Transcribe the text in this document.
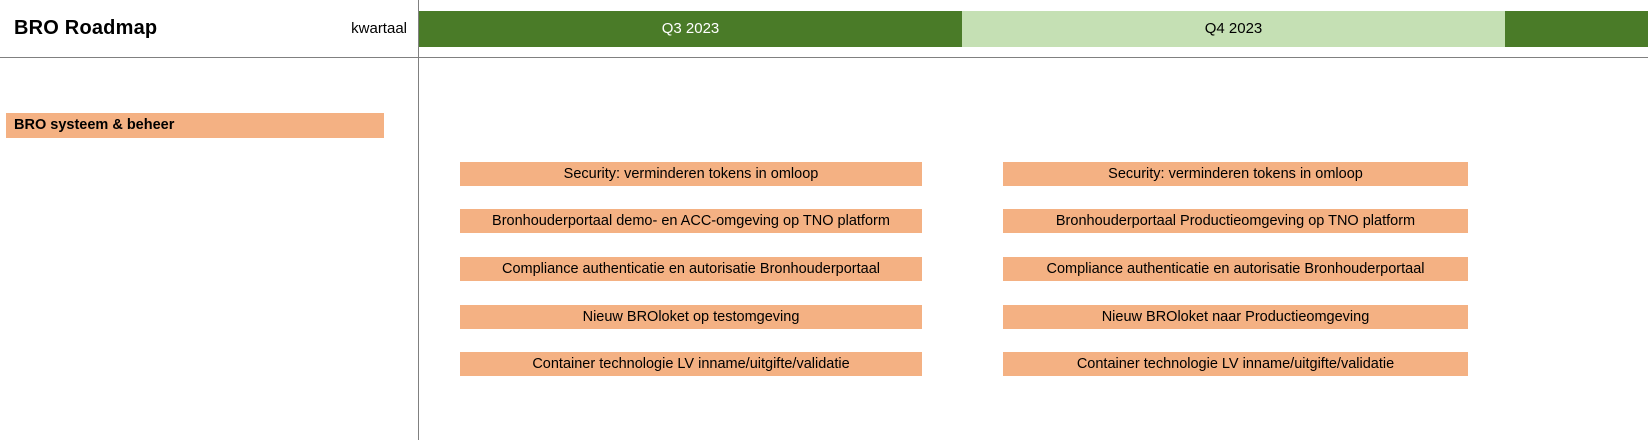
BRO Roadmap	kwartaal	Q3 2023	Q4 2023
BRO systeem & beheer
Security: verminderen tokens in omloop
Bronhouderportaal demo- en ACC-omgeving op TNO platform
Compliance authenticatie en autorisatie Bronhouderportaal
Nieuw BROloket op testomgeving
Container technologie LV inname/uitgifte/validatie
Security: verminderen tokens in omloop
Bronhouderportaal Productieomgeving op TNO platform
Compliance authenticatie en autorisatie Bronhouderportaal
Nieuw BROloket naar Productieomgeving
Container technologie LV inname/uitgifte/validatie
